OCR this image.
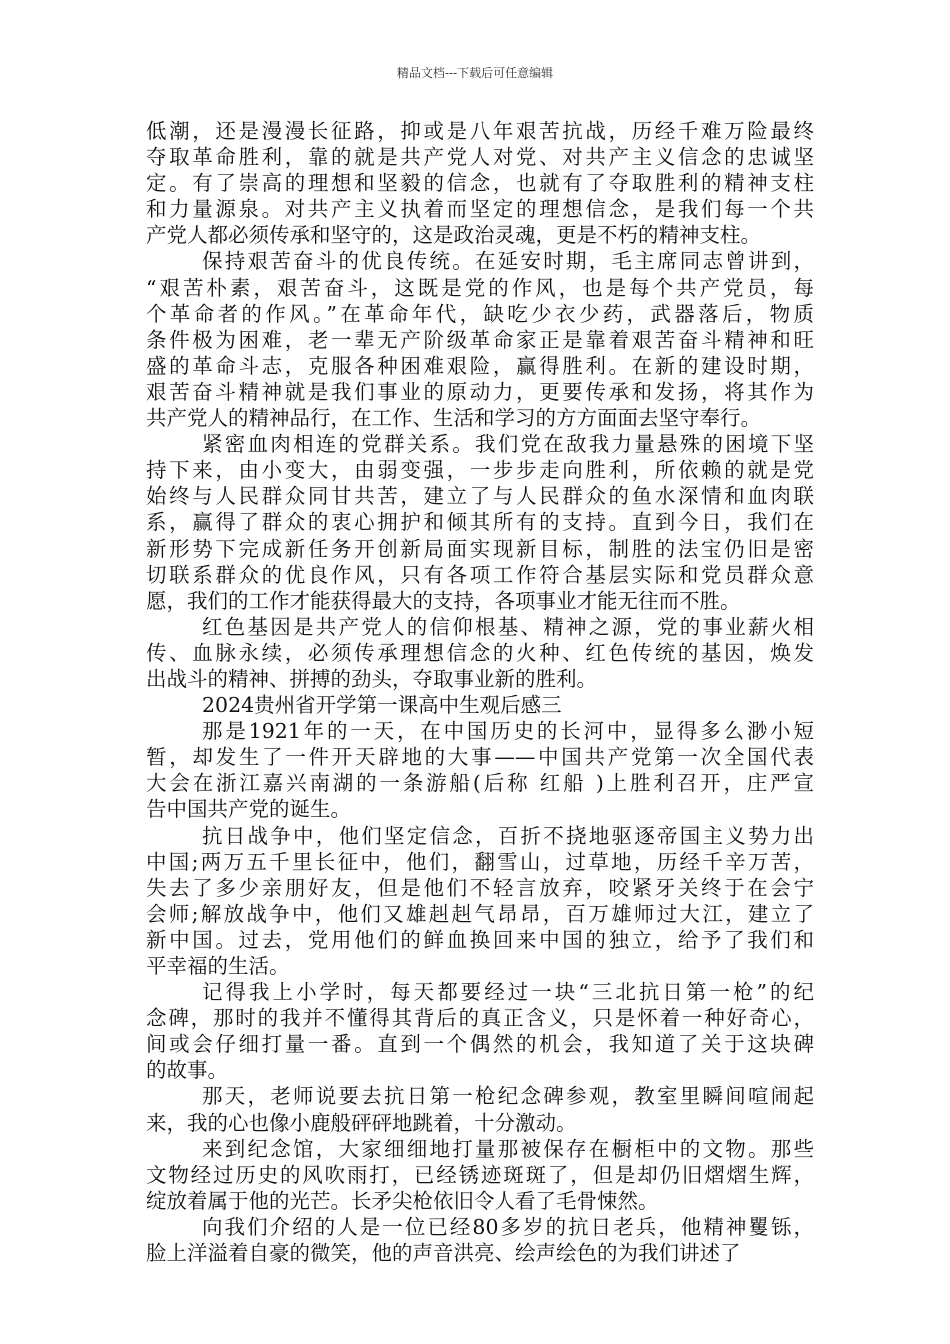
精品文档---下载后可任意编辑
低潮，还是漫漫长征路，抑或是八年艰苦抗战，历经千难万险最终
夺取革命胜利，靠的就是共产党人对党、对共产主义信念的忠诚坚
定。有了崇高的理想和坚毅的信念，也就有了夺取胜利的精神支柱
和力量源泉。对共产主义执着而坚定的理想信念，是我们每一个共
产党人都必须传承和坚守的，这是政治灵魂，更是不朽的精神支柱。
保持艰苦奋斗的优良传统。在延安时期，毛主席同志曾讲到，
“艰苦朴素，艰苦奋斗，这既是党的作风，也是每个共产党员，每
个革命者的作风。”在革命年代，缺吃少衣少药，武器落后，物质
条件极为困难，老一辈无产阶级革命家正是靠着艰苦奋斗精神和旺
盛的革命斗志，克服各种困难艰险，赢得胜利。在新的建设时期，
艰苦奋斗精神就是我们事业的原动力，更要传承和发扬，将其作为
共产党人的精神品行，在工作、生活和学习的方方面面去坚守奉行。
紧密血肉相连的党群关系。我们党在敌我力量悬殊的困境下坚
持下来，由小变大，由弱变强，一步步走向胜利，所依赖的就是党
始终与人民群众同甘共苦，建立了与人民群众的鱼水深情和血肉联
系，赢得了群众的衷心拥护和倾其所有的支持。直到今日，我们在
新形势下完成新任务开创新局面实现新目标，制胜的法宝仍旧是密
切联系群众的优良作风，只有各项工作符合基层实际和党员群众意
愿，我们的工作才能获得最大的支持，各项事业才能无往而不胜。
红色基因是共产党人的信仰根基、精神之源，党的事业薪火相
传、血脉永续，必须传承理想信念的火种、红色传统的基因，焕发
出战斗的精神、拼搏的劲头，夺取事业新的胜利。
2024贵州省开学第一课高中生观后感三
那是1921年的一天，在中国历史的长河中，显得多么渺小短
暂，却发生了一件开天辟地的大事——中国共产党第一次全国代表
大会在浙江嘉兴南湖的一条游船(后称 红船 )上胜利召开，庄严宣
告中国共产党的诞生。
抗日战争中，他们坚定信念，百折不挠地驱逐帝国主义势力出
中国;两万五千里长征中，他们，翻雪山，过草地，历经千辛万苦，
失去了多少亲朋好友，但是他们不轻言放弃，咬紧牙关终于在会宁
会师;解放战争中，他们又雄赳赳气昂昂，百万雄师过大江，建立了
新中国。过去，党用他们的鲜血换回来中国的独立，给予了我们和
平幸福的生活。
记得我上小学时，每天都要经过一块“三北抗日第一枪”的纪
念碑，那时的我并不懂得其背后的真正含义，只是怀着一种好奇心，
间或会仔细打量一番。直到一个偶然的机会，我知道了关于这块碑
的故事。
那天，老师说要去抗日第一枪纪念碑参观，教室里瞬间喧闹起
来，我的心也像小鹿般砰砰地跳着，十分激动。
来到纪念馆，大家细细地打量那被保存在橱柜中的文物。那些
文物经过历史的风吹雨打，已经锈迹斑斑了，但是却仍旧熠熠生辉，
绽放着属于他的光芒。长矛尖枪依旧令人看了毛骨悚然。
向我们介绍的人是一位已经80多岁的抗日老兵，他精神矍铄，
脸上洋溢着自豪的微笑，他的声音洪亮、绘声绘色的为我们讲述了
